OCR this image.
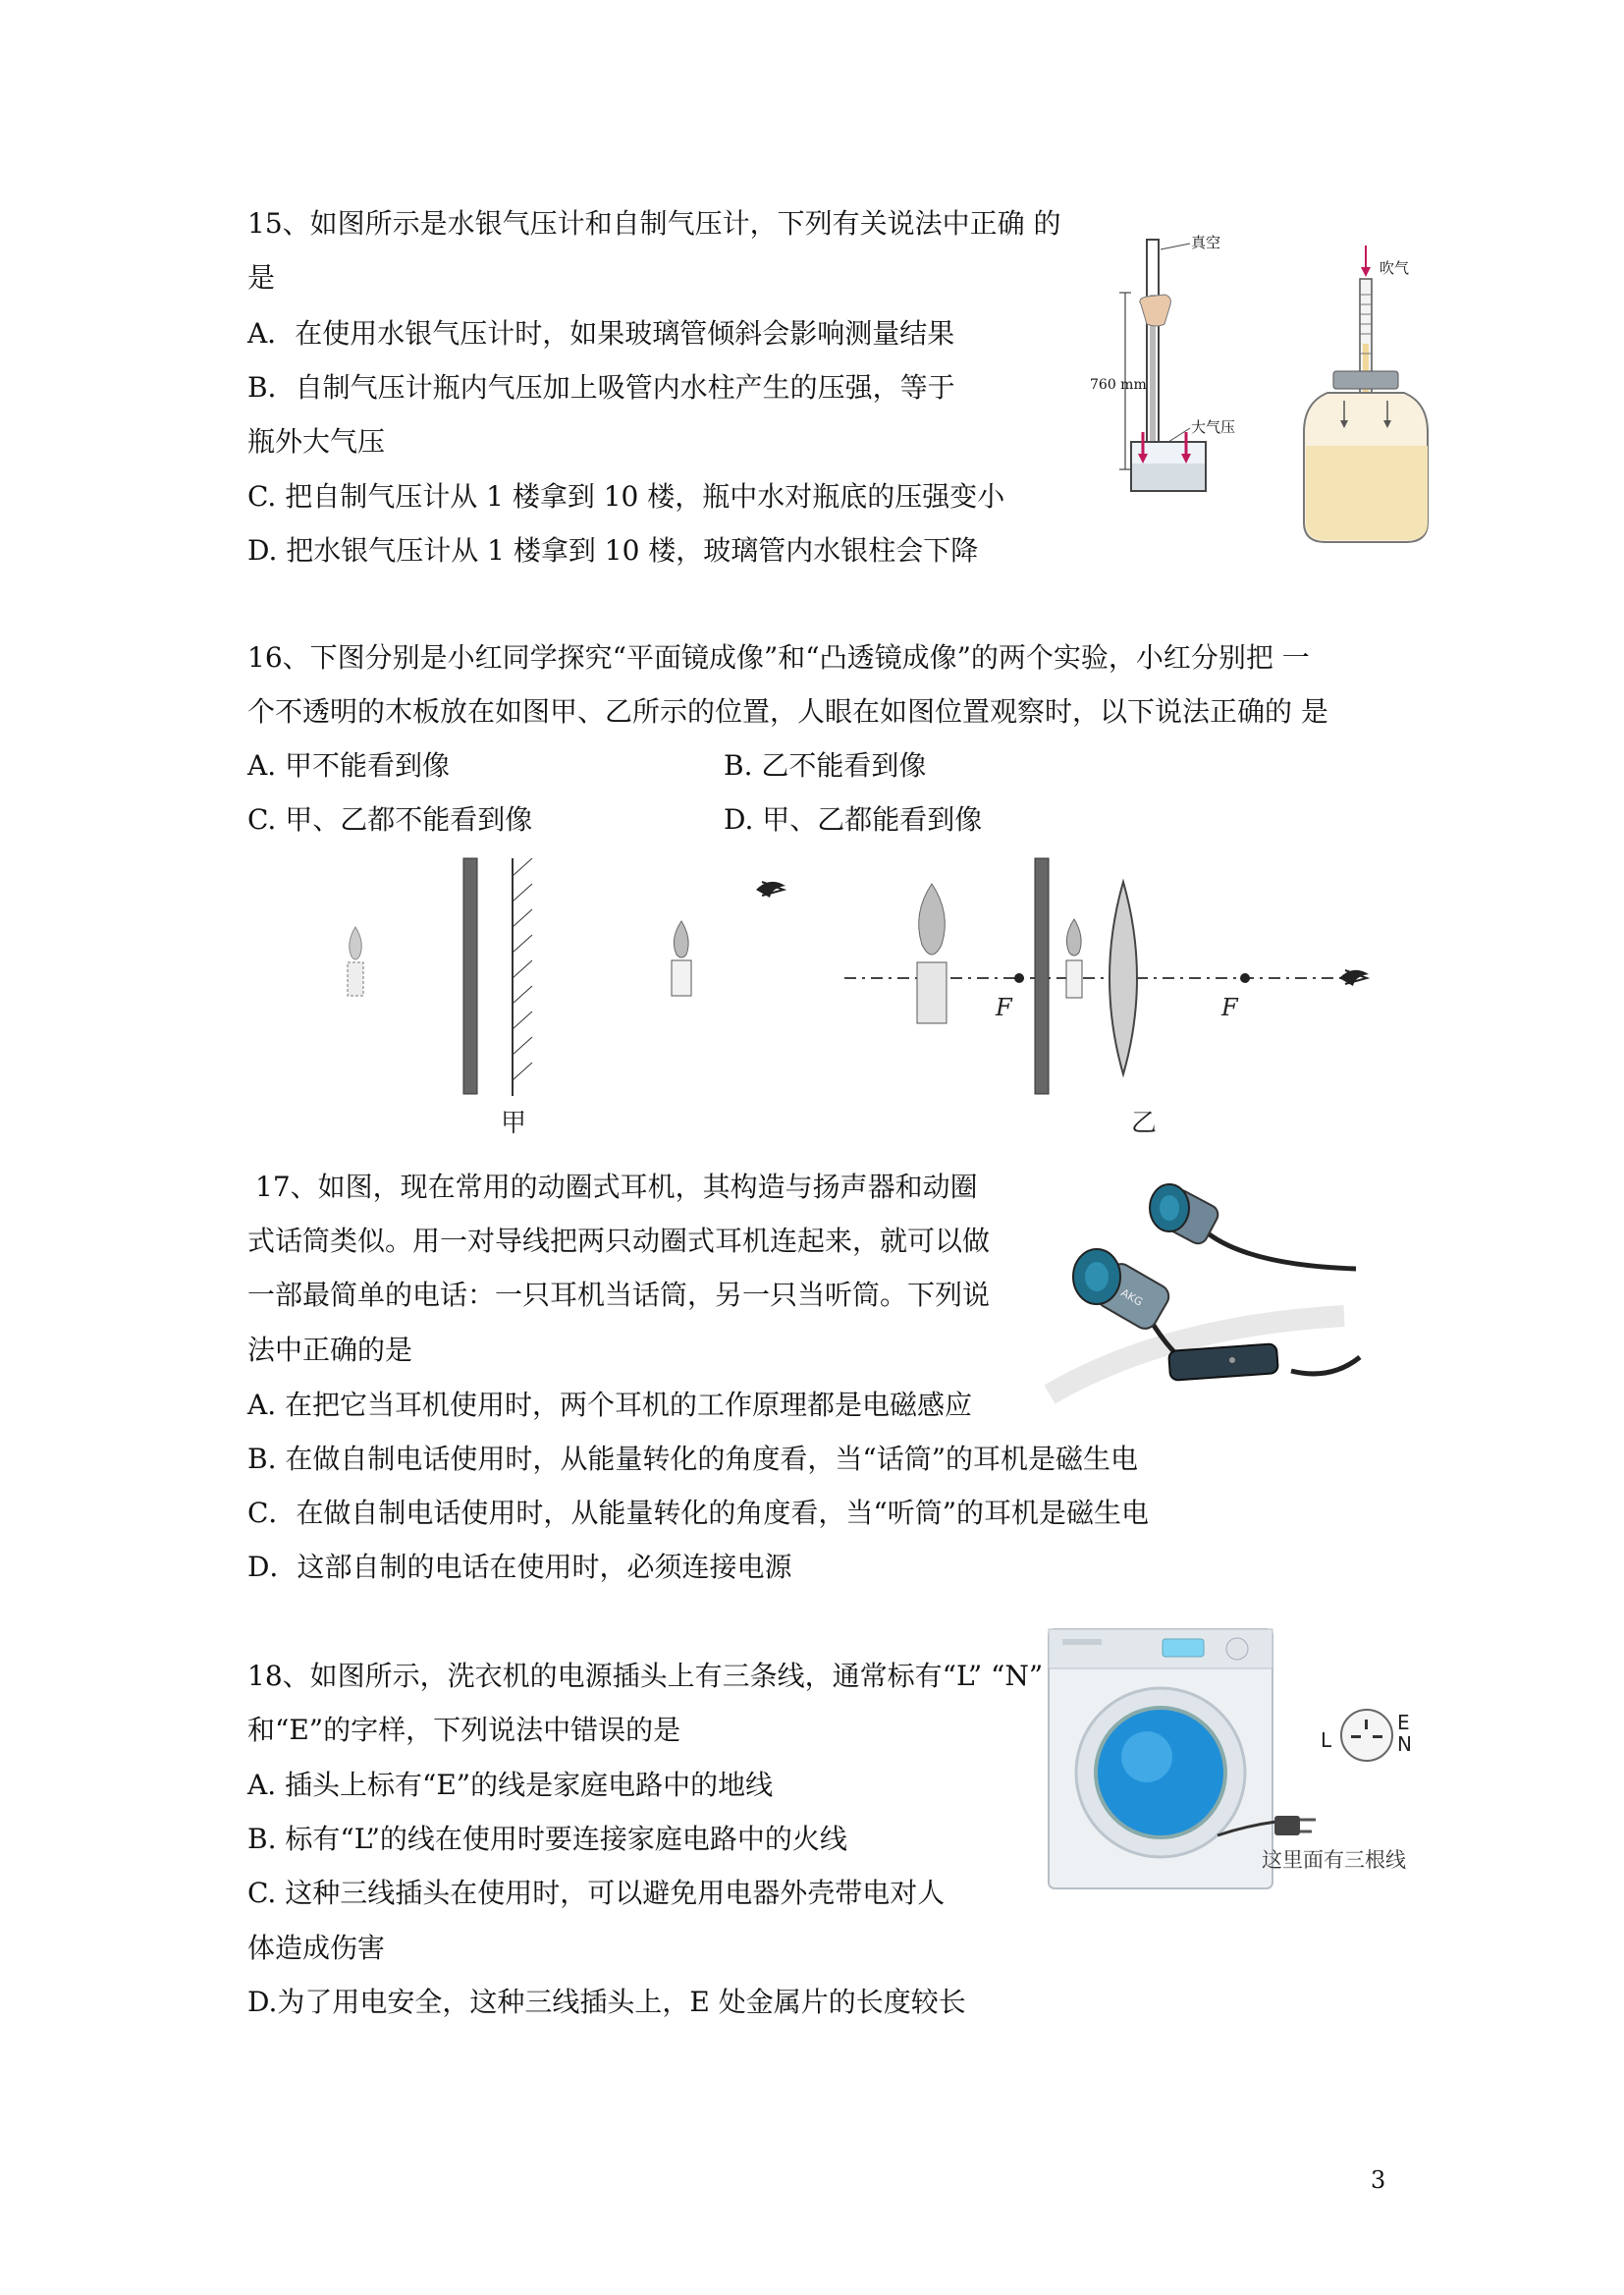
15、如图所示是水银气压计和自制气压计，下列有关说法中正确 的
是
A．在使用水银气压计时，如果玻璃管倾斜会影响测量结果
B．自制气压计瓶内气压加上吸管内水柱产生的压强，等于
瓶外大气压
C. 把自制气压计从 1 楼拿到 10 楼，瓶中水对瓶底的压强变小
D. 把水银气压计从 1 楼拿到 10 楼，玻璃管内水银柱会下降
真空
760 mm
大气压
吹气
16、下图分别是小红同学探究“平面镜成像”和“凸透镜成像”的两个实验，小红分别把 一
个不透明的木板放在如图甲、乙所示的位置，人眼在如图位置观察时，以下说法正确的 是
A. 甲不能看到像	B. 乙不能看到像
C. 甲、乙都不能看到像	D. 甲、乙都能看到像
甲
F	F
乙
17、如图，现在常用的动圈式耳机，其构造与扬声器和动圈
式话筒类似。用一对导线把两只动圈式耳机连起来，就可以做
一部最简单的电话：一只耳机当话筒，另一只当听筒。下列说
法中正确的是
A. 在把它当耳机使用时，两个耳机的工作原理都是电磁感应
B. 在做自制电话使用时，从能量转化的角度看，当“话筒”的耳机是磁生电
C．在做自制电话使用时，从能量转化的角度看，当“听筒”的耳机是磁生电
D．这部自制的电话在使用时，必须连接电源
AKG
18、如图所示，洗衣机的电源插头上有三条线，通常标有“L” “N”
和“E”的字样，下列说法中错误的是
A. 插头上标有“E”的线是家庭电路中的地线
B. 标有“L”的线在使用时要连接家庭电路中的火线
C. 这种三线插头在使用时，可以避免用电器外壳带电对人
体造成伤害
D.为了用电安全，这种三线插头上，E 处金属片的长度较长
L
E
N
这里面有三根线
3
